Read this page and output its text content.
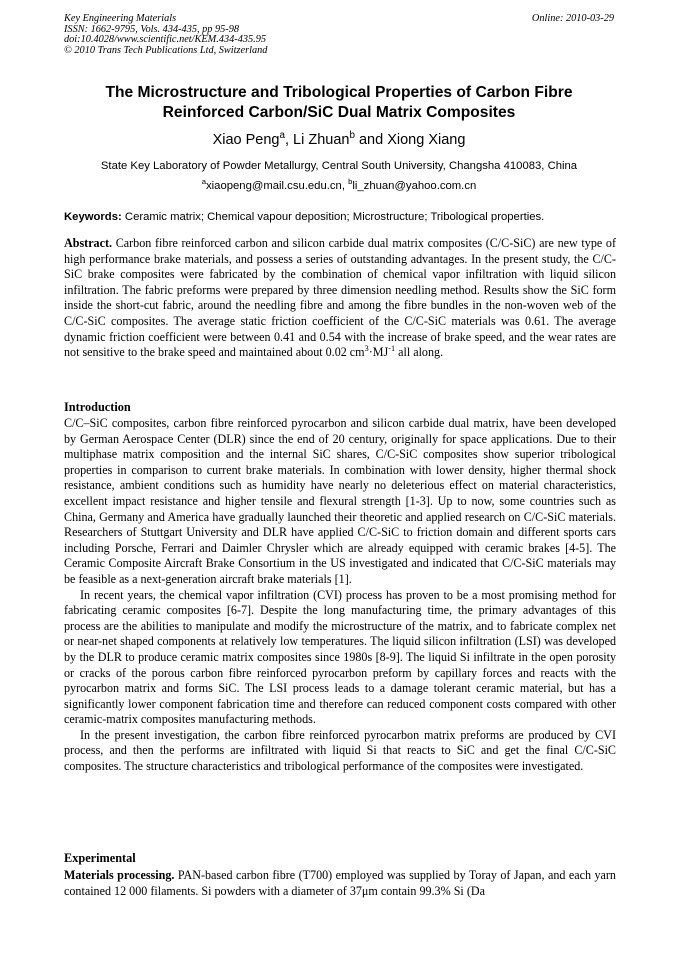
Key Engineering Materials
ISSN: 1662-9795, Vols. 434-435, pp 95-98
doi:10.4028/www.scientific.net/KEM.434-435.95
© 2010 Trans Tech Publications Ltd, Switzerland
Online: 2010-03-29
The Microstructure and Tribological Properties of Carbon Fibre
Reinforced Carbon/SiC Dual Matrix Composites
Xiao Peng$^a$, Li Zhuan$^b$ and Xiong Xiang
State Key Laboratory of Powder Metallurgy, Central South University, Changsha 410083, China
$^a$xiaopeng@mail.csu.edu.cn, $^b$li_zhuan@yahoo.com.cn
Keywords: Ceramic matrix; Chemical vapour deposition; Microstructure; Tribological properties.

Abstract. Carbon fibre reinforced carbon and silicon carbide dual matrix composites (C/C-SiC) are new type of high performance brake materials, and possess a series of outstanding advantages. In the present study, the C/C-SiC brake composites were fabricated by the combination of chemical vapor infiltration with liquid silicon infiltration. The fabric preforms were prepared by three dimension needling method. Results show the SiC form inside the short-cut fabric, around the needling fibre and among the fibre bundles in the non-woven web of the C/C-SiC composites. The average static friction coefficient of the C/C-SiC materials was 0.61. The average dynamic friction coefficient were between 0.41 and 0.54 with the increase of brake speed, and the wear rates are not sensitive to the brake speed and maintained about 0.02 $cm^3\cdot MJ^{-1}$ all along.

Introduction

C/C–SiC composites, carbon fibre reinforced pyrocarbon and silicon carbide dual matrix, have been developed by German Aerospace Center (DLR) since the end of 20 century, originally for space applications. Due to their multiphase matrix composition and the internal SiC shares, C/C-SiC composites show superior tribological properties in comparison to current brake materials. In combination with lower density, higher thermal shock resistance, ambient conditions such as humidity have nearly no deleterious effect on material characteristics, excellent impact resistance and higher tensile and flexural strength [1-3]. Up to now, some countries such as China, Germany and America have gradually launched their theoretic and applied research on C/C-SiC materials. Researchers of Stuttgart University and DLR have applied C/C-SiC to friction domain and different sports cars including Porsche, Ferrari and Daimler Chrysler which are already equipped with ceramic brakes [4-5]. The Ceramic Composite Aircraft Brake Consortium in the US investigated and indicated that C/C-SiC materials may be feasible as a next-generation aircraft brake materials [1].

In recent years, the chemical vapor infiltration (CVI) process has proven to be a most promising method for fabricating ceramic composites [6-7]. Despite the long manufacturing time, the primary advantages of this process are the abilities to manipulate and modify the microstructure of the matrix, and to fabricate complex net or near-net shaped components at relatively low temperatures. The liquid silicon infiltration (LSI) was developed by the DLR to produce ceramic matrix composites since 1980s [8-9]. The liquid Si infiltrate in the open porosity or cracks of the porous carbon fibre reinforced pyrocarbon preform by capillary forces and reacts with the pyrocarbon matrix and forms SiC. The LSI process leads to a damage tolerant ceramic material, but has a significantly lower component fabrication time and therefore can reduced component costs compared with other ceramic-matrix composites manufacturing methods.

In the present investigation, the carbon fibre reinforced pyrocarbon matrix preforms are produced by CVI process, and then the performs are infiltrated with liquid Si that reacts to SiC and get the final C/C-SiC composites. The structure characteristics and tribological performance of the composites were investigated.

Experimental

Materials processing. PAN-based carbon fibre (T700) employed was supplied by Toray of Japan, and each yarn contained 12 000 filaments. Si powders with a diameter of 37μm contain 99.3% Si (Da
